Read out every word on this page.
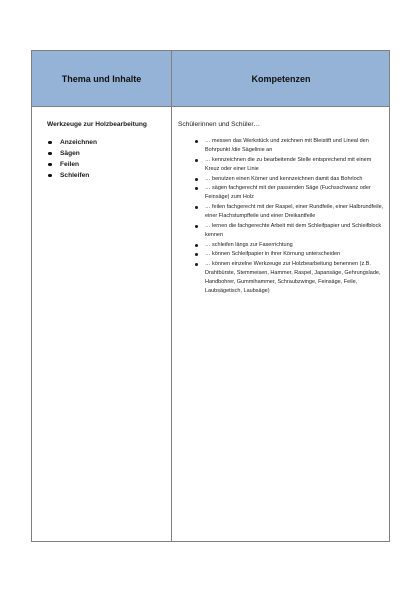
Thema und Inhalte	Kompetenzen
Werkzeuge zur Holzbearbeitung
Anzeichnen
Sägen
Feilen
Schleifen
Schülerinnen und Schüler…
… messen das Werkstück und zeichnen mit Bleistift und Lineal den Bohrpunkt /die Sägelinie an
… kennzeichnen die zu bearbeitende Stelle entsprechend mit einem Kreuz oder einer Linie
… benutzen einen Körner und kennzeichnen damit das Bohrloch
… sägen fachgerecht mit der passenden Säge (Fuchsschwanz oder Feinsäge) zum Holz
… feilen fachgerecht mit der Raspel, einer Rundfeile, einer Halbrundfeile, einer Flachstumpffeile und einer Dreikantfeile
… lernen die fachgerechte Arbeit mit dem Schleifpapier und Schleifblock kennen
… schleifen längs zur Faserrichtung
… können Schleifpapier in ihrer Körnung unterscheiden
… können einzelne Werkzeuge zur Holzbearbeitung benennen (z.B. Drahtbürste, Stemmeisen, Hammer, Raspel, Japansäge, Gehrungslade, Handbohrer, Gummihammer, Schraubzwinge, Feinsäge, Feile, Laubsägetisch, Laubsäge)
